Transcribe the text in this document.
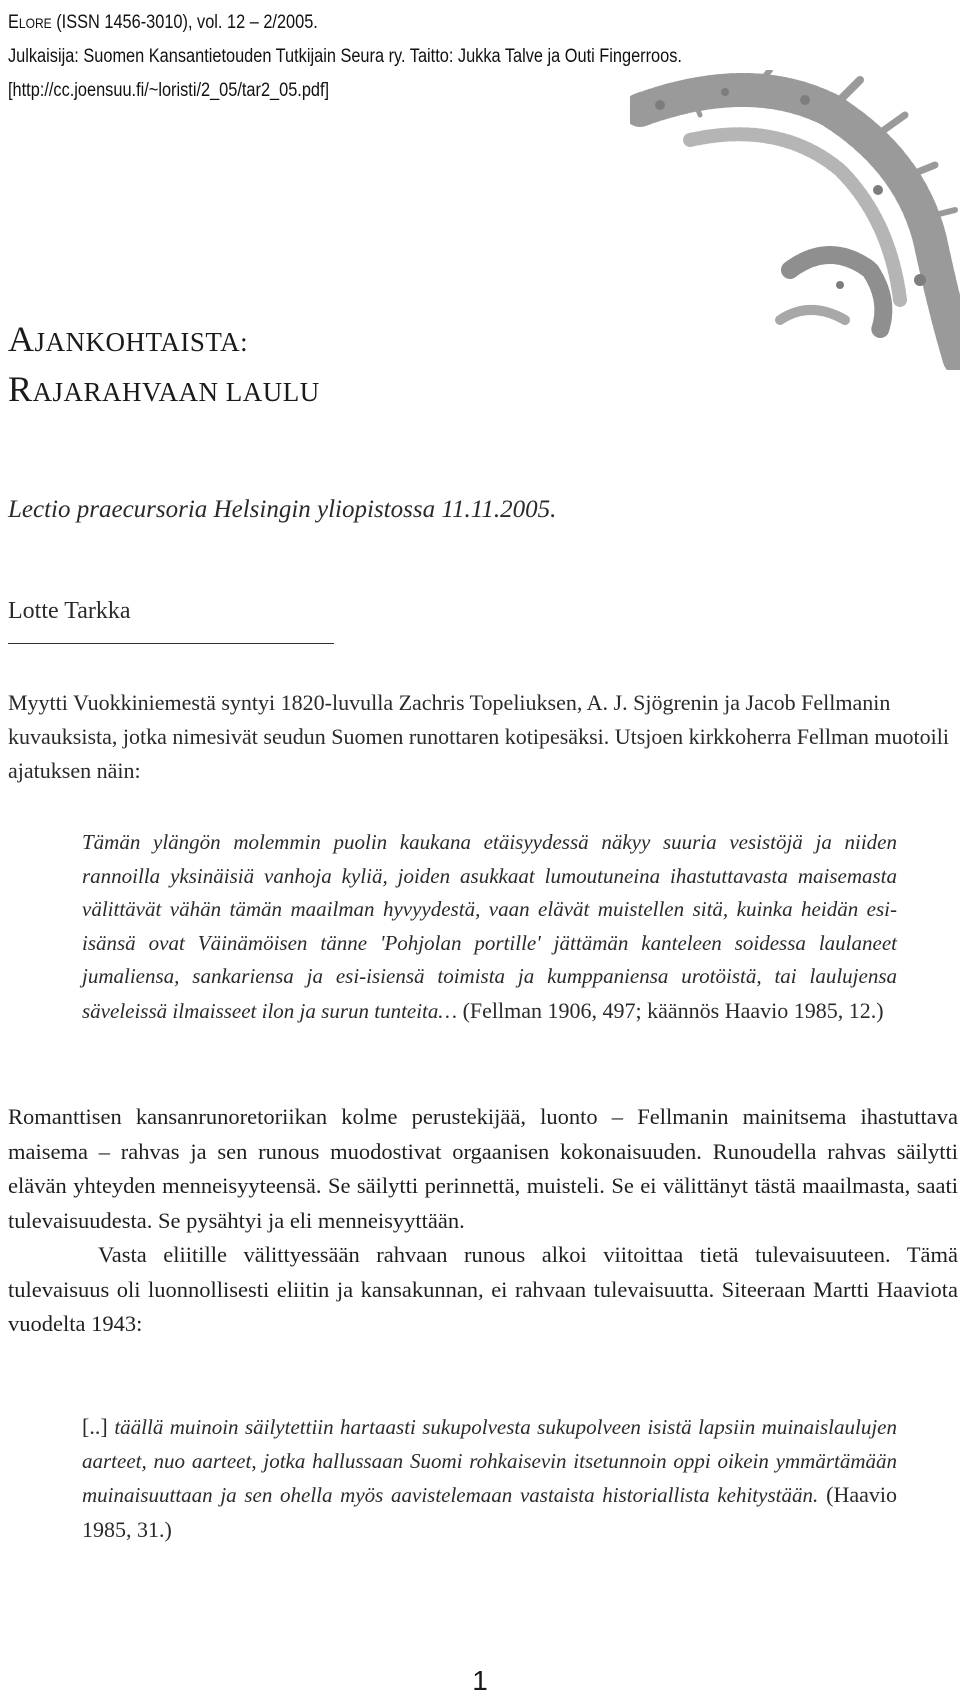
ELORE (ISSN 1456-3010), vol. 12 – 2/2005.
Julkaisija: Suomen Kansantietouden Tutkijain Seura ry. Taitto: Jukka Talve ja Outi Fingerroos.
[http://cc.joensuu.fi/~loristi/2_05/tar2_05.pdf]
AJANKOHTAISTA:
RAJARAHVAAN LAULU
Lectio praecursoria Helsingin yliopistossa 11.11.2005.
Lotte Tarkka
Myytti Vuokkiniemestä syntyi 1820-luvulla Zachris Topeliuksen, A. J. Sjögrenin ja Jacob Fellmanin kuvauksista, jotka nimesivät seudun Suomen runottaren kotipesäksi. Utsjoen kirkkoherra Fellman muotoili ajatuksen näin:
Tämän ylängön molemmin puolin kaukana etäisyydessä näkyy suuria vesistöjä ja niiden rannoilla yksinäisiä vanhoja kyliä, joiden asukkaat lumoutuneina ihastuttavasta maisemasta välittävät vähän tämän maailman hyvyydestä, vaan elävät muistellen sitä, kuinka heidän esi-isänsä ovat Väinämöisen tänne 'Pohjolan portille' jättämän kanteleen soidessa laulaneet jumaliensa, sankariensa ja esi-isiensä toimista ja kumppaniensa urotöistä, tai laulujensa säveleissä ilmaisseet ilon ja surun tunteita… (Fellman 1906, 497; käännös Haavio 1985, 12.)

Romanttisen kansanrunoretoriikan kolme perustekijää, luonto – Fellmanin mainitsema ihastuttava maisema – rahvas ja sen runous muodostivat orgaanisen kokonaisuuden. Runoudella rahvas säilytti elävän yhteyden menneisyyteensä. Se säilytti perinnettä, muisteli. Se ei välittänyt tästä maailmasta, saati tulevaisuudesta. Se pysähtyi ja eli menneisyyttään.

Vasta eliitille välittyessään rahvaan runous alkoi viitoittaa tietä tulevaisuuteen. Tämä tulevaisuus oli luonnollisesti eliitin ja kansakunnan, ei rahvaan tulevaisuutta. Siteeraan Martti Haaviota vuodelta 1943:

[..] täällä muinoin säilytettiin hartaasti sukupolvesta sukupolveen isistä lapsiin muinaislaulujen aarteet, nuo aarteet, jotka hallussaan Suomi rohkaisevin itsetunnoin oppi oikein ymmärtämään muinaisuuttaan ja sen ohella myös aavistelemaan vastaista historiallista kehitystään. (Haavio 1985, 31.)
1
